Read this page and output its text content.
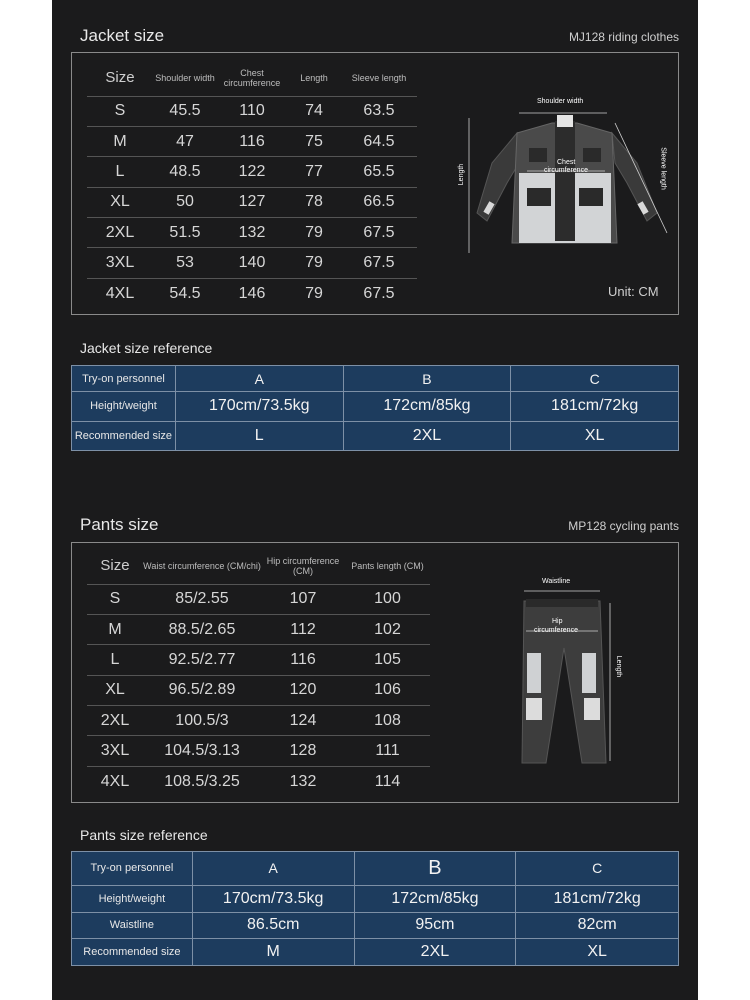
Jacket size	MJ128 riding clothes
Size	Shoulder width	Chest circumference	Length	Sleeve length
S	45.5	110	74	63.5
M	47	116	75	64.5
L	48.5	122	77	65.5
XL	50	127	78	66.5
2XL	51.5	132	79	67.5
3XL	53	140	79	67.5
4XL	54.5	146	79	67.5
Shoulder width
Chest
circumference
Length	Sleeve length
Unit: CM
Jacket size reference
Try-on personnel	A	B	C
Height/weight	170cm/73.5kg	172cm/85kg	181cm/72kg
Recommended size	L	2XL	XL
Pants size	MP128 cycling pants
Size	Waist circumference (CM/chi)	Hip circumference (CM)	Pants length (CM)
S	85/2.55	107	100
M	88.5/2.65	112	102
L	92.5/2.77	116	105
XL	96.5/2.89	120	106
2XL	100.5/3	124	108
3XL	104.5/3.13	128	111
4XL	108.5/3.25	132	114
Waistline
Hip
circumference
Length
Pants size reference
Try-on personnel	A	B	C
Height/weight	170cm/73.5kg	172cm/85kg	181cm/72kg
Waistline	86.5cm	95cm	82cm
Recommended size	M	2XL	XL
